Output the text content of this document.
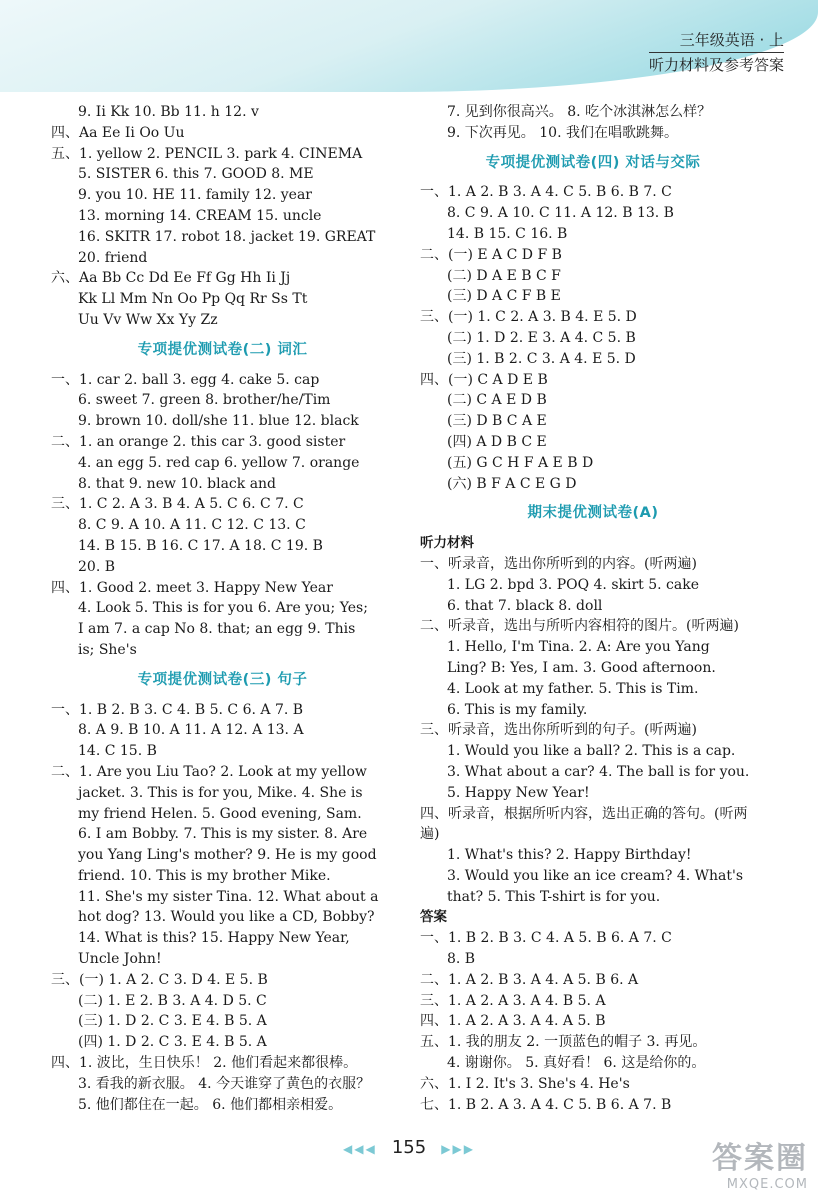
三年级英语 · 上
听力材料及参考答案
9. Ii Kk 10. Bb 11. h 12. v
四、Aa Ee Ii Oo Uu
五、1. yellow 2. PENCIL 3. park 4. CINEMA
5. SISTER 6. this 7. GOOD 8. ME
9. you 10. HE 11. family 12. year
13. morning 14. CREAM 15. uncle
16. SKITR 17. robot 18. jacket 19. GREAT
20. friend
六、Aa Bb Cc Dd Ee Ff Gg Hh Ii Jj
Kk Ll Mm Nn Oo Pp Qq Rr Ss Tt
Uu Vv Ww Xx Yy Zz
专项提优测试卷(二) 词汇
一、1. car 2. ball 3. egg 4. cake 5. cap
6. sweet 7. green 8. brother/he/Tim
9. brown 10. doll/she 11. blue 12. black
二、1. an orange 2. this car 3. good sister
4. an egg 5. red cap 6. yellow 7. orange
8. that 9. new 10. black and
三、1. C 2. A 3. B 4. A 5. C 6. C 7. C
8. C 9. A 10. A 11. C 12. C 13. C
14. B 15. B 16. C 17. A 18. C 19. B
20. B
四、1. Good 2. meet 3. Happy New Year
4. Look 5. This is for you 6. Are you; Yes;
I am 7. a cap No 8. that; an egg 9. This
is; She's
专项提优测试卷(三) 句子
一、1. B 2. B 3. C 4. B 5. C 6. A 7. B
8. A 9. B 10. A 11. A 12. A 13. A
14. C 15. B
二、1. Are you Liu Tao? 2. Look at my yellow
jacket. 3. This is for you, Mike. 4. She is
my friend Helen. 5. Good evening, Sam.
6. I am Bobby. 7. This is my sister. 8. Are
you Yang Ling's mother? 9. He is my good
friend. 10. This is my brother Mike.
11. She's my sister Tina. 12. What about a
hot dog? 13. Would you like a CD, Bobby?
14. What is this? 15. Happy New Year,
Uncle John!
三、(一) 1. A 2. C 3. D 4. E 5. B
(二) 1. E 2. B 3. A 4. D 5. C
(三) 1. D 2. C 3. E 4. B 5. A
(四) 1. D 2. C 3. E 4. B 5. A
四、1. 波比，生日快乐！ 2. 他们看起来都很棒。
3. 看我的新衣服。 4. 今天谁穿了黄色的衣服？
5. 他们都住在一起。 6. 他们都相亲相爱。
7. 见到你很高兴。 8. 吃个冰淇淋怎么样？
9. 下次再见。 10. 我们在唱歌跳舞。
专项提优测试卷(四) 对话与交际
一、1. A 2. B 3. A 4. C 5. B 6. B 7. C
8. C 9. A 10. C 11. A 12. B 13. B
14. B 15. C 16. B
二、(一) E A C D F B
(二) D A E B C F
(三) D A C F B E
三、(一) 1. C 2. A 3. B 4. E 5. D
(二) 1. D 2. E 3. A 4. C 5. B
(三) 1. B 2. C 3. A 4. E 5. D
四、(一) C A D E B
(二) C A E D B
(三) D B C A E
(四) A D B C E
(五) G C H F A E B D
(六) B F A C E G D
期末提优测试卷(A)
听力材料
一、听录音，选出你所听到的内容。(听两遍)
1. LG 2. bpd 3. POQ 4. skirt 5. cake
6. that 7. black 8. doll
二、听录音，选出与所听内容相符的图片。(听两遍)
1. Hello, I'm Tina. 2. A: Are you Yang
Ling? B: Yes, I am. 3. Good afternoon.
4. Look at my father. 5. This is Tim.
6. This is my family.
三、听录音，选出你所听到的句子。(听两遍)
1. Would you like a ball? 2. This is a cap.
3. What about a car? 4. The ball is for you.
5. Happy New Year!
四、听录音，根据所听内容，选出正确的答句。(听两
遍)
1. What's this? 2. Happy Birthday!
3. Would you like an ice cream? 4. What's
that? 5. This T-shirt is for you.
答案
一、1. B 2. B 3. C 4. A 5. B 6. A 7. C
8. B
二、1. A 2. B 3. A 4. A 5. B 6. A
三、1. A 2. A 3. A 4. B 5. A
四、1. A 2. A 3. A 4. A 5. B
五、1. 我的朋友 2. 一顶蓝色的帽子 3. 再见。
4. 谢谢你。 5. 真好看！ 6. 这是给你的。
六、1. I 2. It's 3. She's 4. He's
七、1. B 2. A 3. A 4. C 5. B 6. A 7. B
◀◀◀ 155 ▶▶▶	答案圈
MXQE.COM
